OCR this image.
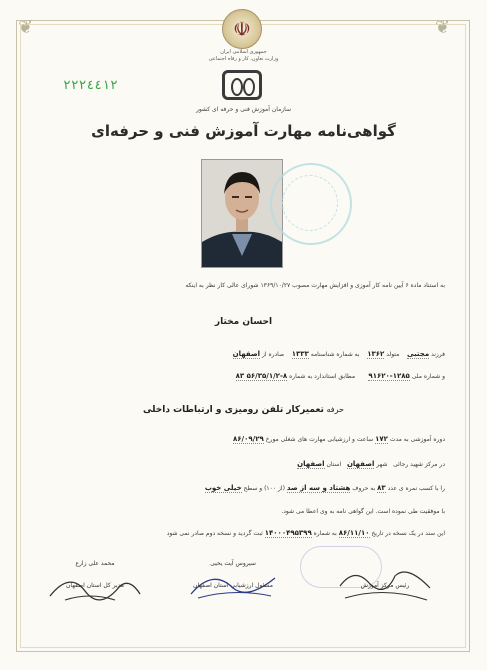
❦	❦
☫
جمهوری اسلامی ایران
وزارت تعاون، کار و رفاه اجتماعی
۲۲۲٤٤۱۲
سازمان آموزش فنی و حرفه ای کشور
گواهی‌نامه مهارت آموزش فنی و حرفه‌ای
به استناد ماده ۶ آیین نامه کار آموزی و افزایش مهارت مصوب ۱۳۶۹/۱۰/۲۷ شورای عالی کار نظر به اینکه
احسان مختار
فرزند مجتبی    متولد ۱۳۶۲    به شماره شناسنامه ۱۳۳۳    صادره از اصفهان
و شماره ملی ۱۲۸۵-۹۱۶۲۰       مطابق استاندارد به شماره ۸-۵۶/۳۵/۱/۲ ۸۳
حرفه تعمیرکار تلفن رومیزی و ارتباطات داخلی
دوره آموزشی به مدت ۱۷۲ ساعت و ارزشیابی مهارت های شغلی مورخ ۸۶/۰۹/۲۹
در مرکز شهید رجائی   شهر اصفهان   استان اصفهان
را با کسب نمره ی عدد ۸۳ به حروف هشتاد و سه از صد (از ۱۰۰) و سطح خیلی خوب
با موفقیت طی نموده است. این گواهی نامه به وی اعطا می شود.
این سند در یک نسخه در تاریخ ۸۶/۱۱/۱۰ به شماره ۱۴۰۰۰۴۹۵۳۹۹ ثبت گردید و نسخه دوم صادر نمی شود
محمد علی زارع
مدیر کل استان اصفهان
سیروس آیت یحیی
مسئول ارزشیابی استان اصفهان	رئیس مرکز آموزش
